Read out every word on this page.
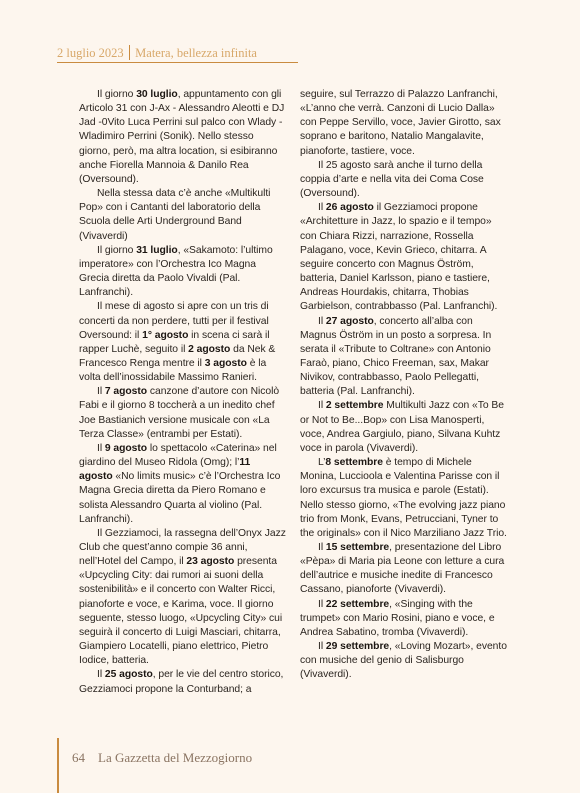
2 luglio 2023 Matera, bellezza infinita

Il giorno 30 luglio, appuntamento con gli Articolo 31 con J-Ax - Alessandro Aleotti e DJ Jad -0Vito Luca Perrini sul palco con Wlady - Wladimiro Perrini (Sonik). Nello stesso giorno, però, ma altra location, si esibiranno anche Fiorella Mannoia & Danilo Rea (Oversound).

Nella stessa data c’è anche «Multikulti Pop» con i Cantanti del laboratorio della Scuola delle Arti Underground Band (Vivaverdi)

Il giorno 31 luglio, «Sakamoto: l’ultimo imperatore» con l’Orchestra Ico Magna Grecia diretta da Paolo Vivaldi (Pal. Lanfranchi).

Il mese di agosto si apre con un tris di concerti da non perdere, tutti per il festival Oversound: il 1° agosto in scena ci sarà il rapper Luchè, seguito il 2 agosto da Nek & Francesco Renga mentre il 3 agosto è la volta dell’inossidabile Massimo Ranieri.

Il 7 agosto canzone d’autore con Nicolò Fabi e il giorno 8 toccherà a un inedito chef Joe Bastianich versione musicale con «La Terza Classe» (entrambi per Estati).

Il 9 agosto lo spettacolo «Caterina» nel giardino del Museo Ridola (Omg); l’11 agosto «No limits music» c’è l’Orchestra Ico Magna Grecia diretta da Piero Romano e solista Alessandro Quarta al violino (Pal. Lanfranchi).

Il Gezziamoci, la rassegna dell’Onyx Jazz Club che quest’anno compie 36 anni, nell’Hotel del Campo, il 23 agosto presenta «Upcycling City: dai rumori ai suoni della sostenibilità» e il concerto con Walter Ricci, pianoforte e voce, e Karima, voce. Il giorno seguente, stesso luogo, «Upcycling City» cui seguirà il concerto di Luigi Masciari, chitarra, Giampiero Locatelli, piano elettrico, Pietro Iodice, batteria.

Il 25 agosto, per le vie del centro storico, Gezziamoci propone la Conturband; a

seguire, sul Terrazzo di Palazzo Lanfranchi, «L’anno che verrà. Canzoni di Lucio Dalla» con Peppe Servillo, voce, Javier Girotto, sax soprano e baritono, Natalio Mangalavite, pianoforte, tastiere, voce.

Il 25 agosto sarà anche il turno della coppia d’arte e nella vita dei Coma Cose (Oversound).

Il 26 agosto il Gezziamoci propone «Architetture in Jazz, lo spazio e il tempo» con Chiara Rizzi, narrazione, Rossella Palagano, voce, Kevin Grieco, chitarra. A seguire concerto con Magnus Öström, batteria, Daniel Karlsson, piano e tastiere, Andreas Hourdakis, chitarra, Thobias Garbielson, contrabbasso (Pal. Lanfranchi).

Il 27 agosto, concerto all’alba con Magnus Öström in un posto a sorpresa. In serata il «Tribute to Coltrane» con Antonio Faraò, piano, Chico Freeman, sax, Makar Nivikov, contrabbasso, Paolo Pellegatti, batteria (Pal. Lanfranchi).

Il 2 settembre Multikulti Jazz con «To Be or Not to Be...Bop» con Lisa Manosperti, voce, Andrea Gargiulo, piano, Silvana Kuhtz voce in parola (Vivaverdi).

L’8 settembre è tempo di Michele Monina, Luccioola e Valentina Parisse con il loro excursus tra musica e parole (Estati). Nello stesso giorno, «The evolving jazz piano trio from Monk, Evans, Petrucciani, Tyner to the originals» con il Nico Marziliano Jazz Trio.

Il 15 settembre, presentazione del Libro «Pèpa» di Maria pia Leone con letture a cura dell’autrice e musiche inedite di Francesco Cassano, pianoforte (Vivaverdi).

Il 22 settembre, «Singing with the trumpet» con Mario Rosini, piano e voce, e Andrea Sabatino, tromba (Vivaverdi).

Il 29 settembre, «Loving Mozart», evento con musiche del genio di Salisburgo (Vivaverdi).

64 La Gazzetta del Mezzogiorno
